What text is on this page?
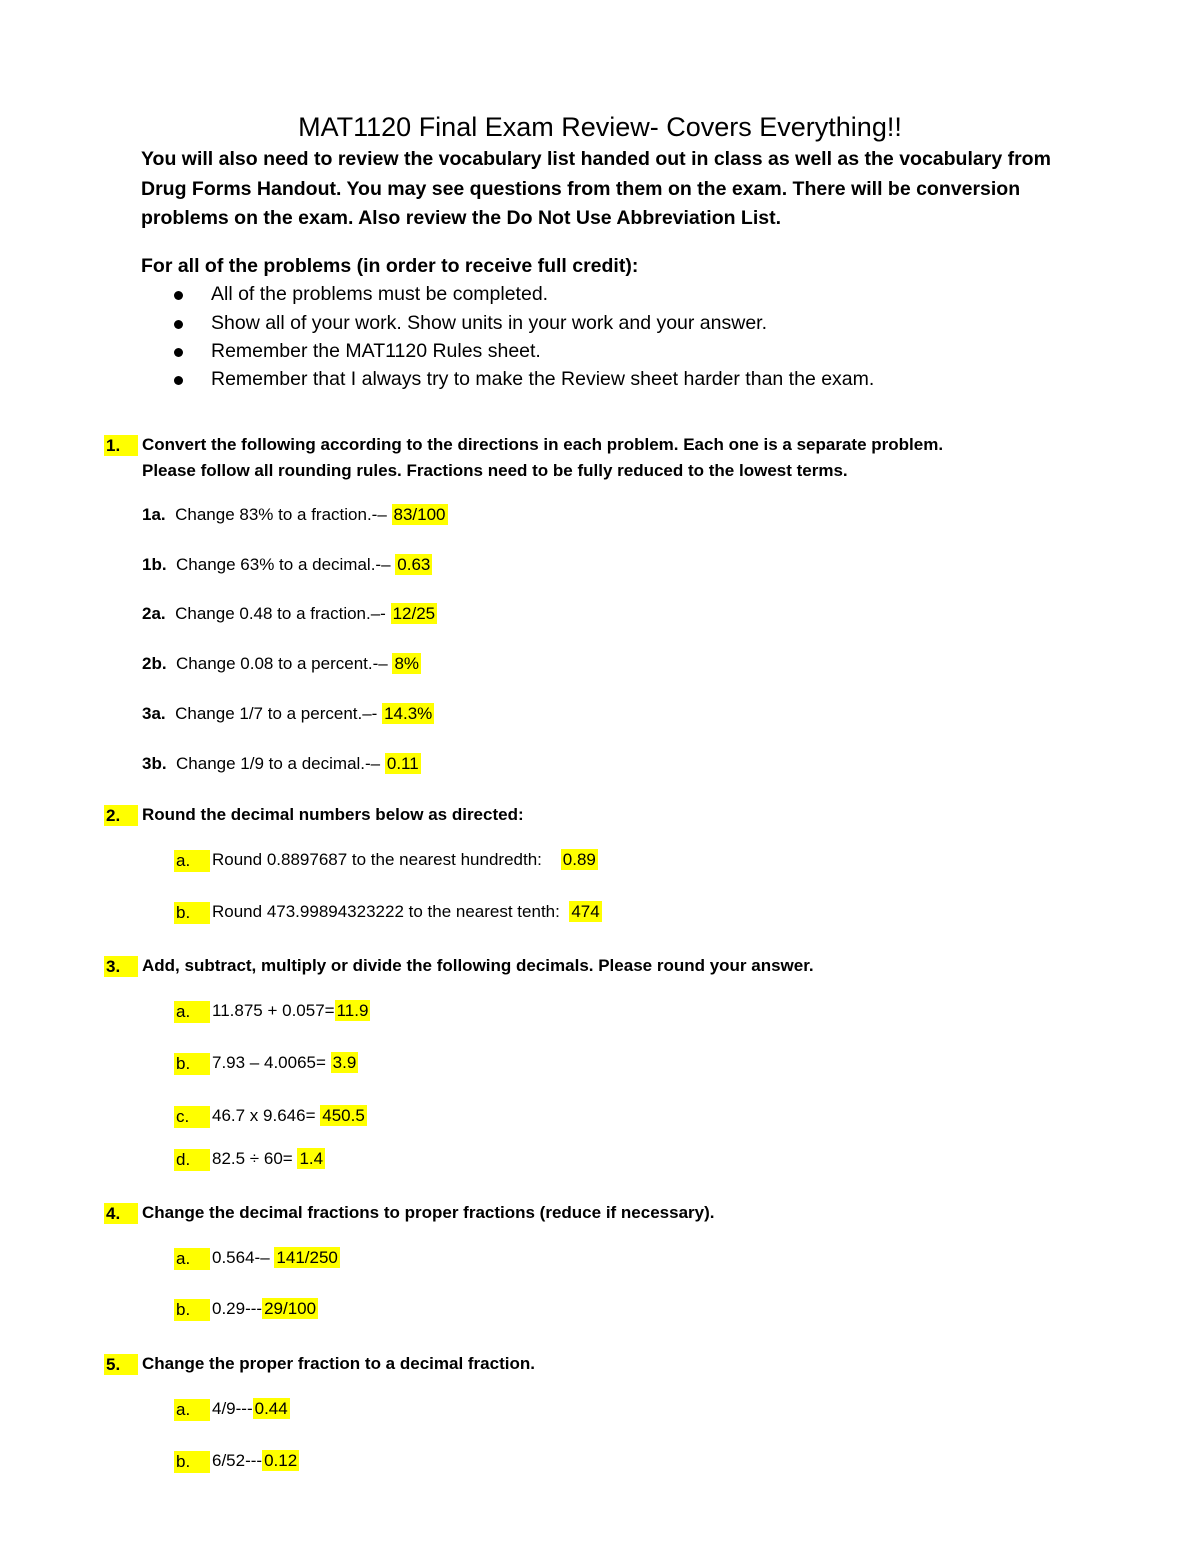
MAT1120 Final Exam Review- Covers Everything!!
You will also need to review the vocabulary list handed out in class as well as the vocabulary from
Drug Forms Handout. You may see questions from them on the exam. There will be conversion
problems on the exam. Also review the Do Not Use Abbreviation List.
For all of the problems (in order to receive full credit):
All of the problems must be completed.
Show all of your work. Show units in your work and your answer.
Remember the MAT1120 Rules sheet.
Remember that I always try to make the Review sheet harder than the exam.
1.	Convert the following according to the directions in each problem. Each one is a separate problem.
Please follow all rounding rules. Fractions need to be fully reduced to the lowest terms.
1a. Change 83% to a fraction.-– 83/100
1b. Change 63% to a decimal.-– 0.63
2a. Change 0.48 to a fraction.–- 12/25
2b. Change 0.08 to a percent.-– 8%
3a. Change 1/7 to a percent.–- 14.3%
3b. Change 1/9 to a decimal.-– 0.11
2.	Round the decimal numbers below as directed:
a.	Round 0.8897687 to the nearest hundredth: 0.89
b.	Round 473.99894323222 to the nearest tenth: 474
3.	Add, subtract, multiply or divide the following decimals. Please round your answer.
a.	11.875 + 0.057= 11.9
b.	7.93 – 4.0065= 3.9
c.	46.7 x 9.646= 450.5
d.	82.5 ÷ 60= 1.4
4.	Change the decimal fractions to proper fractions (reduce if necessary).
a.	0.564-– 141/250
b.	0.29--- 29/100
5.	Change the proper fraction to a decimal fraction.
a.	4/9--- 0.44
b.	6/52--- 0.12
